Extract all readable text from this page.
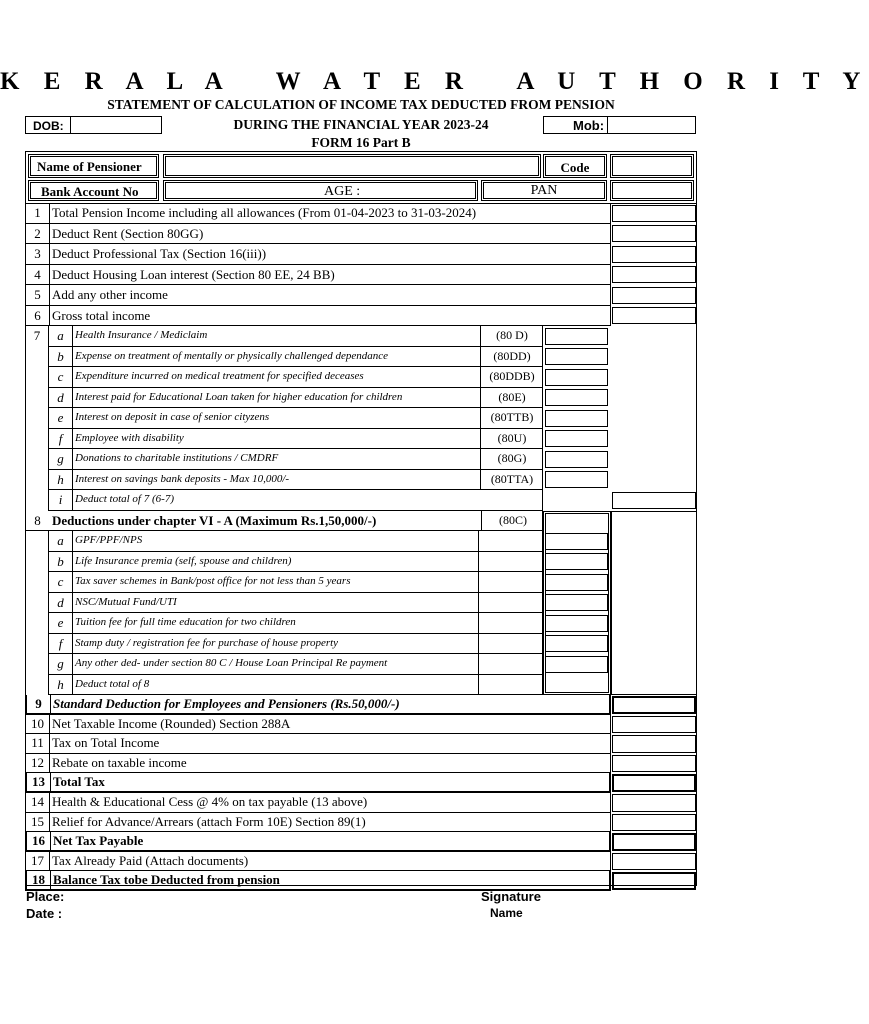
K E R A L A   W A T E R   A U T H O R I T Y
STATEMENT OF CALCULATION OF INCOME TAX DEDUCTED FROM PENSION
DOB:	DURING THE FINANCIAL YEAR 2023-24	Mob:
FORM 16 Part B
Name of Pensioner	Code
Bank Account No	AGE :	PAN
1 Total Pension Income including all allowances (From 01-04-2023 to 31-03-2024)
2 Deduct Rent (Section 80GG)
3 Deduct Professional Tax (Section 16(iii))
4 Deduct Housing Loan interest (Section 80 EE, 24 BB)
5 Add any other income
6 Gross total income
7	a	Health Insurance / Mediclaim	(80 D)
b	Expense on treatment of mentally or physically challenged dependance	(80DD)
c	Expenditure incurred on medical treatment for specified deceases	(80DDB)
d	Interest paid for Educational Loan taken for higher education for children	(80E)
e	Interest on deposit in case of senior cityzens	(80TTB)
f	Employee with disability	(80U)
g	Donations to charitable institutions / CMDRF	(80G)
h	Interest on savings bank deposits - Max 10,000/-	(80TTA)
i	Deduct total of 7 (6-7)
8 Deductions under chapter VI - A (Maximum Rs.1,50,000/-)	(80C)
a	GPF/PPF/NPS
b	Life Insurance premia (self, spouse and children)
c	Tax saver schemes in Bank/post office for not less than 5 years
d	NSC/Mutual Fund/UTI
e	Tuition fee for full time education for two children
f	Stamp duty / registration fee for purchase of house property
g	Any other ded- under section 80 C / House Loan Principal Re payment
h	Deduct total of 8
9 Standard Deduction for Employees and Pensioners (Rs.50,000/-)
10 Net Taxable Income (Rounded) Section 288A
11 Tax on Total Income
12 Rebate on taxable income
13 Total Tax
14 Health & Educational Cess @ 4% on tax payable (13 above)
15 Relief for Advance/Arrears (attach Form 10E) Section 89(1)
16 Net Tax Payable
17 Tax Already Paid (Attach documents)
18 Balance Tax tobe Deducted from pension
Place:
Date :
Signature
Name
